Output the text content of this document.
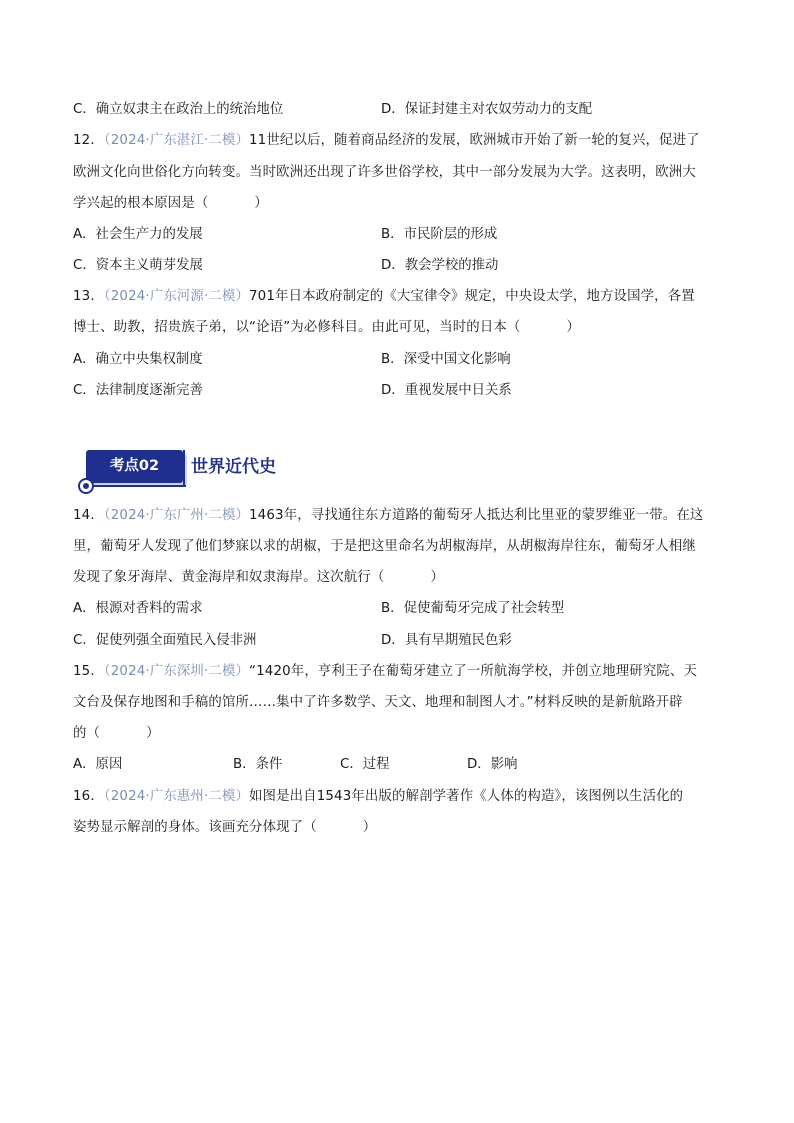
C．确立奴隶主在政治上的统治地位	D．保证封建主对农奴劳动力的支配
12．（2024·广东湛江·二模）11世纪以后，随着商品经济的发展，欧洲城市开始了新一轮的复兴，促进了
欧洲文化向世俗化方向转变。当时欧洲还出现了许多世俗学校，其中一部分发展为大学。这表明，欧洲大
学兴起的根本原因是（	）
A．社会生产力的发展	B．市民阶层的形成
C．资本主义萌芽发展	D．教会学校的推动
13．（2024·广东河源·二模）701年日本政府制定的《大宝律令》规定，中央设太学，地方设国学，各置
博士、助教，招贵族子弟，以“论语”为必修科目。由此可见，当时的日本（	）
A．确立中央集权制度	B．深受中国文化影响
C．法律制度逐渐完善	D．重视发展中日关系
考点02	世界近代史
14．（2024·广东广州·二模）1463年，寻找通往东方道路的葡萄牙人抵达利比里亚的蒙罗维亚一带。在这
里，葡萄牙人发现了他们梦寐以求的胡椒，于是把这里命名为胡椒海岸，从胡椒海岸往东，葡萄牙人相继
发现了象牙海岸、黄金海岸和奴隶海岸。这次航行（	）
A．根源对香料的需求	B．促使葡萄牙完成了社会转型
C．促使列强全面殖民入侵非洲	D．具有早期殖民色彩
15．（2024·广东深圳·二模）“1420年，亨利王子在葡萄牙建立了一所航海学校，并创立地理研究院、天
文台及保存地图和手稿的馆所……集中了许多数学、天文、地理和制图人才。”材料反映的是新航路开辟
的（	）
A．原因	B．条件	C．过程	D．影响
16．（2024·广东惠州·二模）如图是出自1543年出版的解剖学著作《人体的构造》，该图例以生活化的
姿势显示解剖的身体。该画充分体现了（	）
